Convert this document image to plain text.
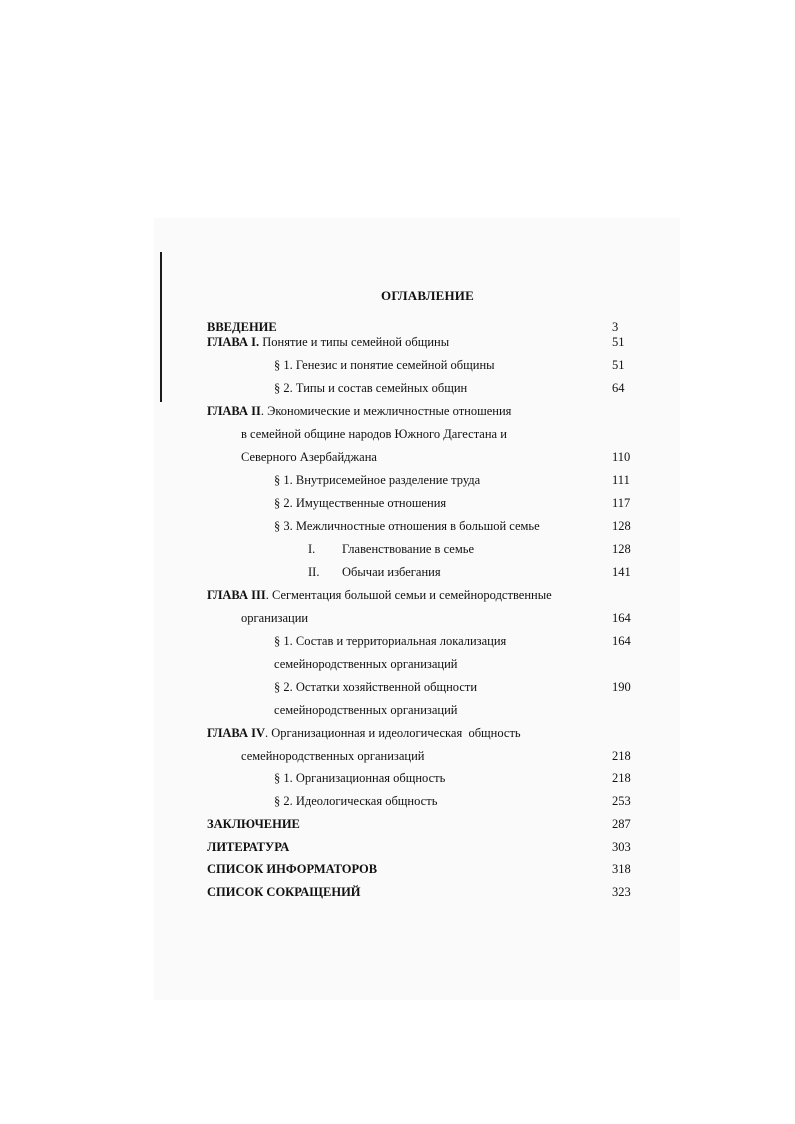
ОГЛАВЛЕНИЕ
ВВЕДЕНИЕ	3
ГЛАВА I. Понятие и типы семейной общины	51
§ 1. Генезис и понятие семейной общины	51
§ 2. Типы и состав семейных общин	64
ГЛАВА II. Экономические и межличностные отношения
в семейной общине народов Южного Дагестана и
Северного Азербайджана	110
§ 1. Внутрисемейное разделение труда	111
§ 2. Имущественные отношения	117
§ 3. Межличностные отношения в большой семье	128
I. Главенствование в семье	128
II. Обычаи избегания	141
ГЛАВА III. Сегментация большой семьи и семейнородственные
организации	164
§ 1. Состав и территориальная локализация	164
семейнородственных организаций
§ 2. Остатки хозяйственной общности	190
семейнородственных организаций
ГЛАВА IV. Организационная и идеологическая  общность
семейнородственных организаций	218
§ 1. Организационная общность	218
§ 2. Идеологическая общность	253
ЗАКЛЮЧЕНИЕ	287
ЛИТЕРАТУРА	303
СПИСОК ИНФОРМАТОРОВ	318
СПИСОК СОКРАЩЕНИЙ	323
